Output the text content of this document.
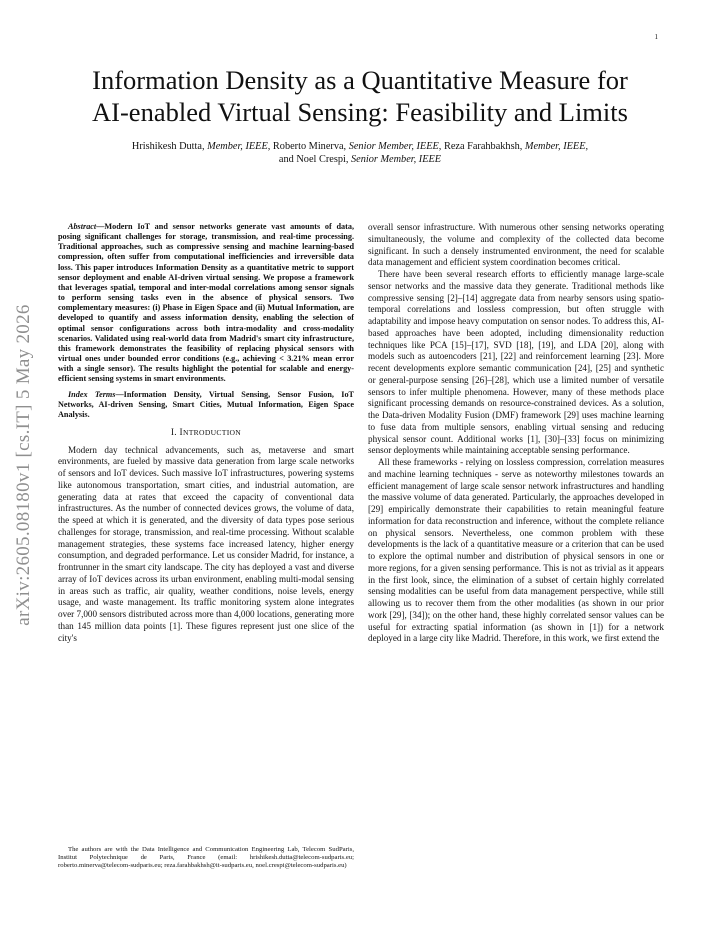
1
arXiv:2605.08180v1 [cs.IT] 5 May 2026
Information Density as a Quantitative Measure for
AI-enabled Virtual Sensing: Feasibility and Limits
Hrishikesh Dutta, Member, IEEE, Roberto Minerva, Senior Member, IEEE, Reza Farahbakhsh, Member, IEEE,
and Noel Crespi, Senior Member, IEEE

Abstract—Modern IoT and sensor networks generate vast amounts of data, posing significant challenges for storage, transmission, and real-time processing. Traditional approaches, such as compressive sensing and machine learning-based compression, often suffer from computational inefficiencies and irreversible data loss. This paper introduces Information Density as a quantitative metric to support sensor deployment and enable AI-driven virtual sensing. We propose a framework that leverages spatial, temporal and inter-modal correlations among sensor signals to perform sensing tasks even in the absence of physical sensors. Two complementary measures: (i) Phase in Eigen Space and (ii) Mutual Information, are developed to quantify and assess information density, enabling the selection of optimal sensor configurations across both intra-modality and cross-modality scenarios. Validated using real-world data from Madrid's smart city infrastructure, this framework demonstrates the feasibility of replacing physical sensors with virtual ones under bounded error conditions (e.g., achieving < 3.21% mean error with a single sensor). The results highlight the potential for scalable and energy-efficient sensing systems in smart environments.

Index Terms—Information Density, Virtual Sensing, Sensor Fusion, IoT Networks, AI-driven Sensing, Smart Cities, Mutual Information, Eigen Space Analysis.

I. INTRODUCTION

Modern day technical advancements, such as, metaverse and smart environments, are fueled by massive data generation from large scale networks of sensors and IoT devices. Such massive IoT infrastructures, powering systems like autonomous transportation, smart cities, and industrial automation, are generating data at rates that exceed the capacity of conventional data infrastructures. As the number of connected devices grows, the volume of data, the speed at which it is generated, and the diversity of data types pose serious challenges for storage, transmission, and real-time processing. Without scalable management strategies, these systems face increased latency, higher energy consumption, and degraded performance. Let us consider Madrid, for instance, a frontrunner in the smart city landscape. The city has deployed a vast and diverse array of IoT devices across its urban environment, enabling multi-modal sensing in areas such as traffic, air quality, weather conditions, noise levels, energy usage, and waste management. Its traffic monitoring system alone integrates over 7,000 sensors distributed across more than 4,000 locations, generating more than 145 million data points [1]. These figures represent just one slice of the city's

The authors are with the Data Intelligence and Communication Engineering Lab, Telecom SudParis, Institut Polytechnique de Paris, France (email: hrishikesh.dutta@telecom-sudparis.eu; roberto.minerva@telecom-sudparis.eu; reza.farahbakhsh@it-sudparis.eu, noel.crespi@telecom-sudparis.eu)

overall sensor infrastructure. With numerous other sensing networks operating simultaneously, the volume and complexity of the collected data become significant. In such a densely instrumented environment, the need for scalable data management and efficient system coordination becomes critical.

There have been several research efforts to efficiently manage large-scale sensor networks and the massive data they generate. Traditional methods like compressive sensing [2]–[14] aggregate data from nearby sensors using spatio-temporal correlations and lossless compression, but often struggle with adaptability and impose heavy computation on sensor nodes. To address this, AI-based approaches have been adopted, including dimensionality reduction techniques like PCA [15]–[17], SVD [18], [19], and LDA [20], along with models such as autoencoders [21], [22] and reinforcement learning [23]. More recent developments explore semantic communication [24], [25] and synthetic or general-purpose sensing [26]–[28], which use a limited number of versatile sensors to infer multiple phenomena. However, many of these methods place significant processing demands on resource-constrained devices. As a solution, the Data-driven Modality Fusion (DMF) framework [29] uses machine learning to fuse data from multiple sensors, enabling virtual sensing and reducing physical sensor count. Additional works [1], [30]–[33] focus on minimizing sensor deployments while maintaining acceptable sensing performance.

All these frameworks - relying on lossless compression, correlation measures and machine learning techniques - serve as noteworthy milestones towards an efficient management of large scale sensor network infrastructures and handling the massive volume of data generated. Particularly, the approaches developed in [29] empirically demonstrate their capabilities to retain meaningful feature information for data reconstruction and inference, without the complete reliance on physical sensors. Nevertheless, one common problem with these developments is the lack of a quantitative measure or a criterion that can be used to explore the optimal number and distribution of physical sensors in one or more regions, for a given sensing performance. This is not as trivial as it appears in the first look, since, the elimination of a subset of certain highly correlated sensing modalities can be useful from data management perspective, while still allowing us to recover them from the other modalities (as shown in our prior work [29], [34]); on the other hand, these highly correlated sensor values can be useful for extracting spatial information (as shown in [1]) for a network deployed in a large city like Madrid. Therefore, in this work, we first extend the
